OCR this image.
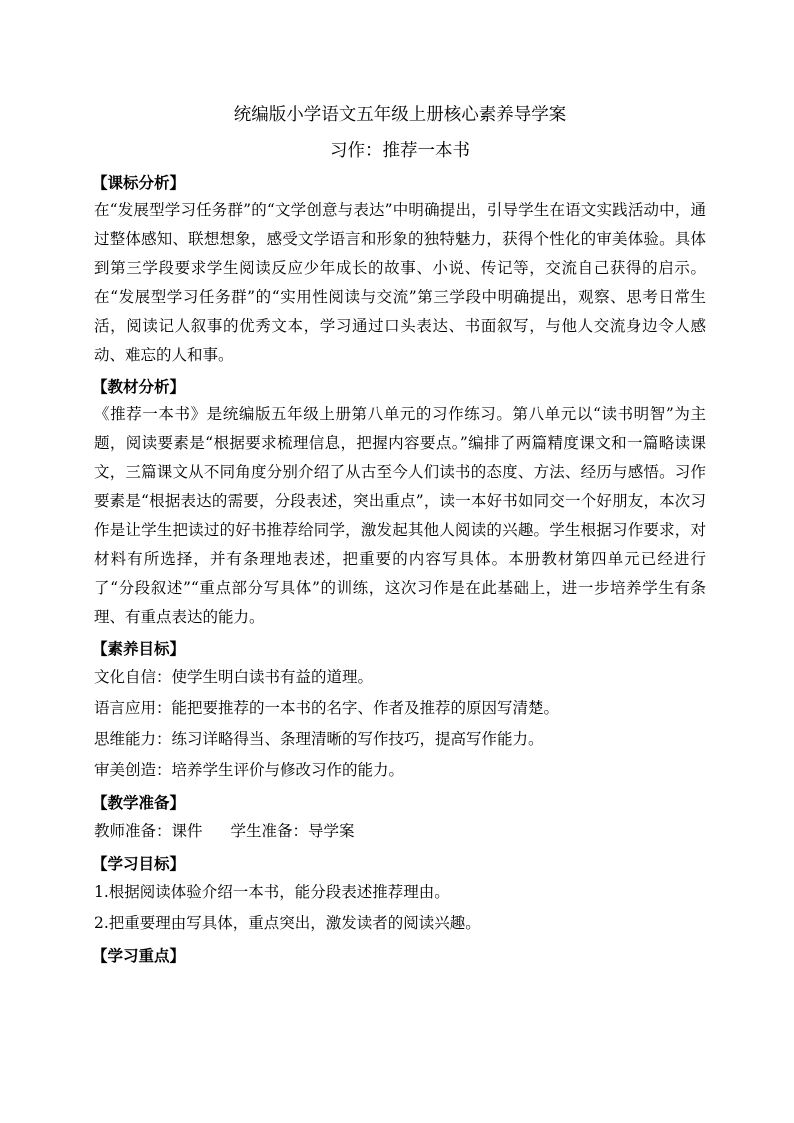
统编版小学语文五年级上册核心素养导学案
习作：推荐一本书
【课标分析】

在“发展型学习任务群”的“文学创意与表达”中明确提出，引导学生在语文实践活动中，通过整体感知、联想想象，感受文学语言和形象的独特魅力，获得个性化的审美体验。具体到第三学段要求学生阅读反应少年成长的故事、小说、传记等，交流自己获得的启示。在“发展型学习任务群”的“实用性阅读与交流”第三学段中明确提出，观察、思考日常生活，阅读记人叙事的优秀文本，学习通过口头表达、书面叙写，与他人交流身边令人感动、难忘的人和事。

【教材分析】

《推荐一本书》是统编版五年级上册第八单元的习作练习。第八单元以“读书明智”为主题，阅读要素是“根据要求梳理信息，把握内容要点。”编排了两篇精度课文和一篇略读课文，三篇课文从不同角度分别介绍了从古至今人们读书的态度、方法、经历与感悟。习作要素是“根据表达的需要，分段表述，突出重点”，读一本好书如同交一个好朋友，本次习作是让学生把读过的好书推荐给同学，激发起其他人阅读的兴趣。学生根据习作要求，对材料有所选择，并有条理地表述，把重要的内容写具体。本册教材第四单元已经进行了“分段叙述”“重点部分写具体”的训练，这次习作是在此基础上，进一步培养学生有条理、有重点表达的能力。

【素养目标】

文化自信：使学生明白读书有益的道理。

语言应用：能把要推荐的一本书的名字、作者及推荐的原因写清楚。

思维能力：练习详略得当、条理清晰的写作技巧，提高写作能力。

审美创造：培养学生评价与修改习作的能力。

【教学准备】

教师准备：课件 学生准备：导学案

【学习目标】

1.根据阅读体验介绍一本书，能分段表述推荐理由。

2.把重要理由写具体，重点突出，激发读者的阅读兴趣。

【学习重点】
